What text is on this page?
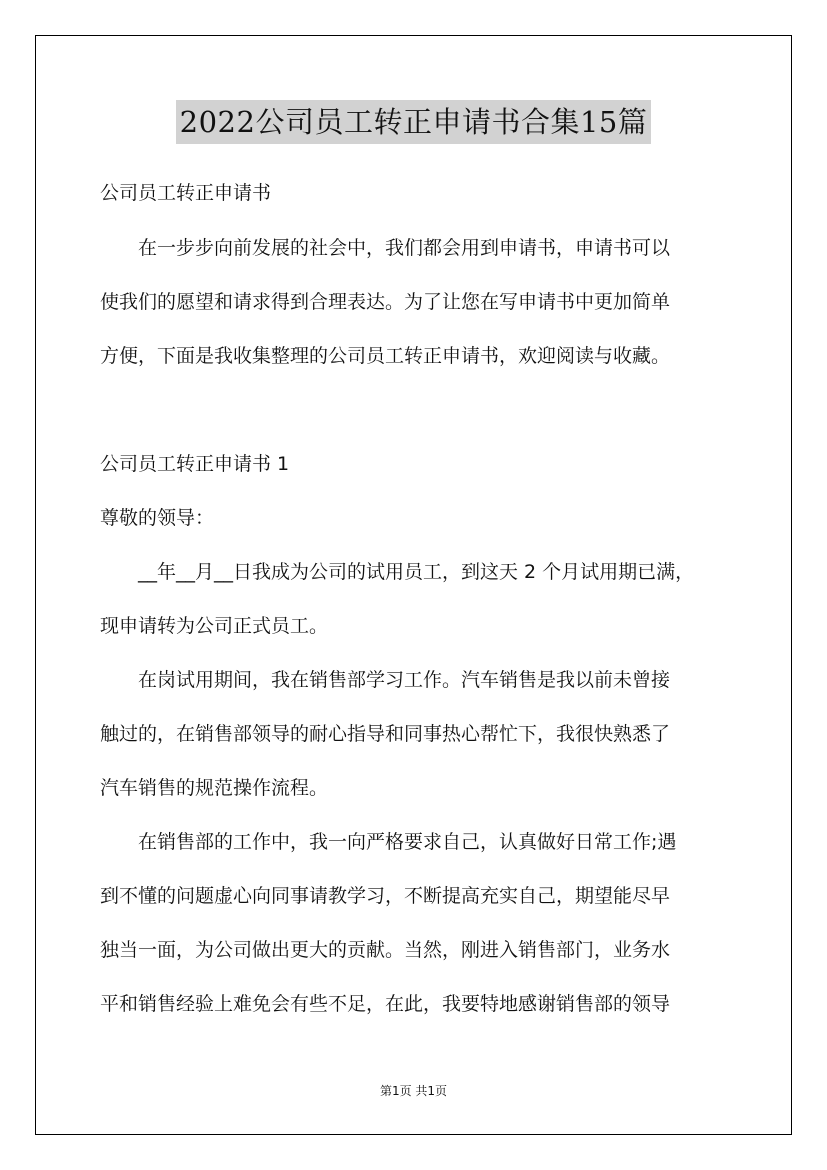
2022公司员工转正申请书合集15篇
公司员工转正申请书
　　在一步步向前发展的社会中，我们都会用到申请书，申请书可以
使我们的愿望和请求得到合理表达。为了让您在写申请书中更加简单
方便，下面是我收集整理的公司员工转正申请书，欢迎阅读与收藏。
公司员工转正申请书 1
尊敬的领导：
　　__年__月__日我成为公司的试用员工，到这天 2 个月试用期已满，
现申请转为公司正式员工。
　　在岗试用期间，我在销售部学习工作。汽车销售是我以前未曾接
触过的，在销售部领导的耐心指导和同事热心帮忙下，我很快熟悉了
汽车销售的规范操作流程。
　　在销售部的工作中，我一向严格要求自己，认真做好日常工作;遇
到不懂的问题虚心向同事请教学习，不断提高充实自己，期望能尽早
独当一面，为公司做出更大的贡献。当然，刚进入销售部门，业务水
平和销售经验上难免会有些不足，在此，我要特地感谢销售部的领导
第1页 共1页
